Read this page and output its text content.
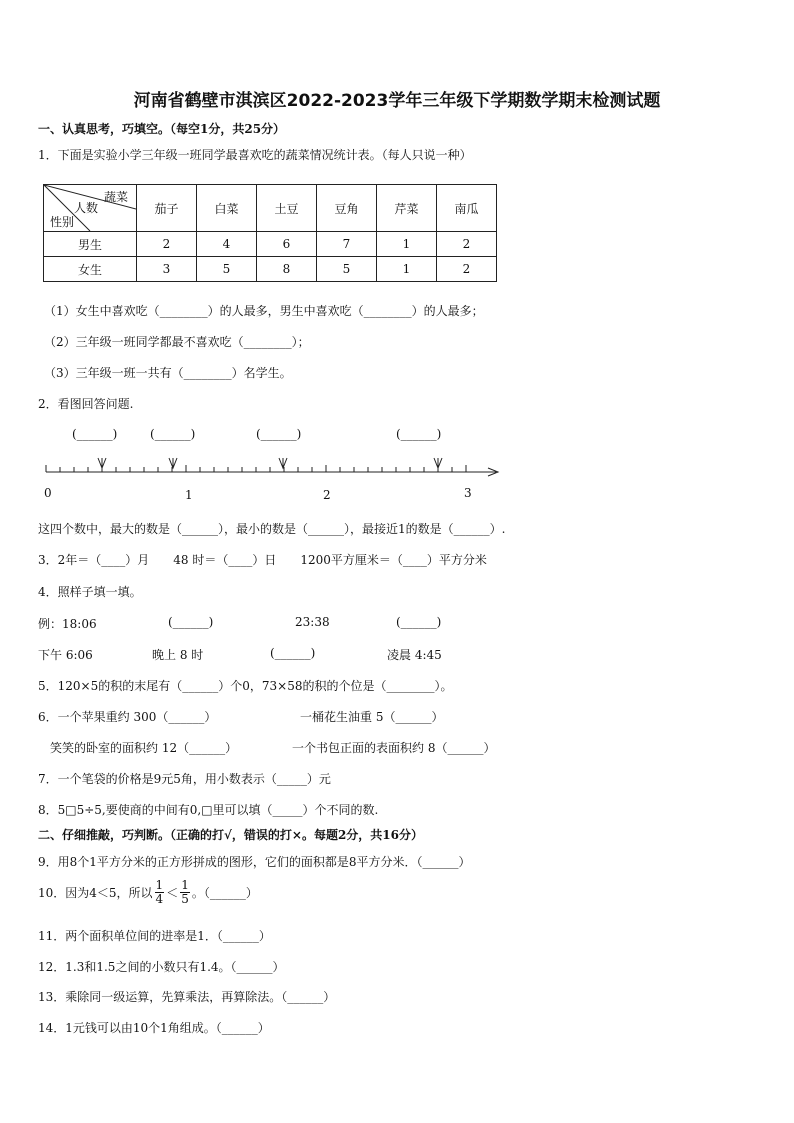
河南省鹤壁市淇滨区2022-2023学年三年级下学期数学期末检测试题
一、认真思考，巧填空。（每空1分，共25分）
1．下面是实验小学三年级一班同学最喜欢吃的蔬菜情况统计表。（每人只说一种）
蔬菜
人数
性别	茄子	白菜	土豆	豆角	芹菜	南瓜
男生	2	4	6	7	1	2
女生	3	5	8	5	1	2
（1）女生中喜欢吃（________）的人最多，男生中喜欢吃（________）的人最多；
（2）三年级一班同学都最不喜欢吃（________）；
（3）三年级一班一共有（________）名学生。
2．看图回答问题.
(______)	(______)	(______)	(______)
0	1	2	3
这四个数中，最大的数是（______），最小的数是（______），最接近1的数是（______）.
3．2年＝（____）月　　48 时＝（____）日　　1200平方厘米＝（____）平方分米
4．照样子填一填。
例：18:06	(______)	23:38	(______)
下午 6:06	晚上 8 时	(______)	凌晨 4:45
5．120×5的积的末尾有（______）个0，73×58的积的个位是（________）。
6．一个苹果重约 300（______）	一桶花生油重 5（______）
笑笑的卧室的面积约 12（______）	一个书包正面的表面积约 8（______）
7．一个笔袋的价格是9元5角，用小数表示（_____）元
8．5□5÷5,要使商的中间有0,□里可以填（_____）个不同的数.
二、仔细推敲，巧判断。（正确的打√，错误的打×。每题2分，共16分）
9．用8个1平方分米的正方形拼成的图形，它们的面积都是8平方分米．（______）
10．因为4＜5，所以 $\frac{1}{4} < \frac{1}{5}$ 。（______）
11．两个面积单位间的进率是1．（______）
12．1.3和1.5之间的小数只有1.4。（______）
13．乘除同一级运算，先算乘法，再算除法。（______）
14．1元钱可以由10个1角组成。（______）
